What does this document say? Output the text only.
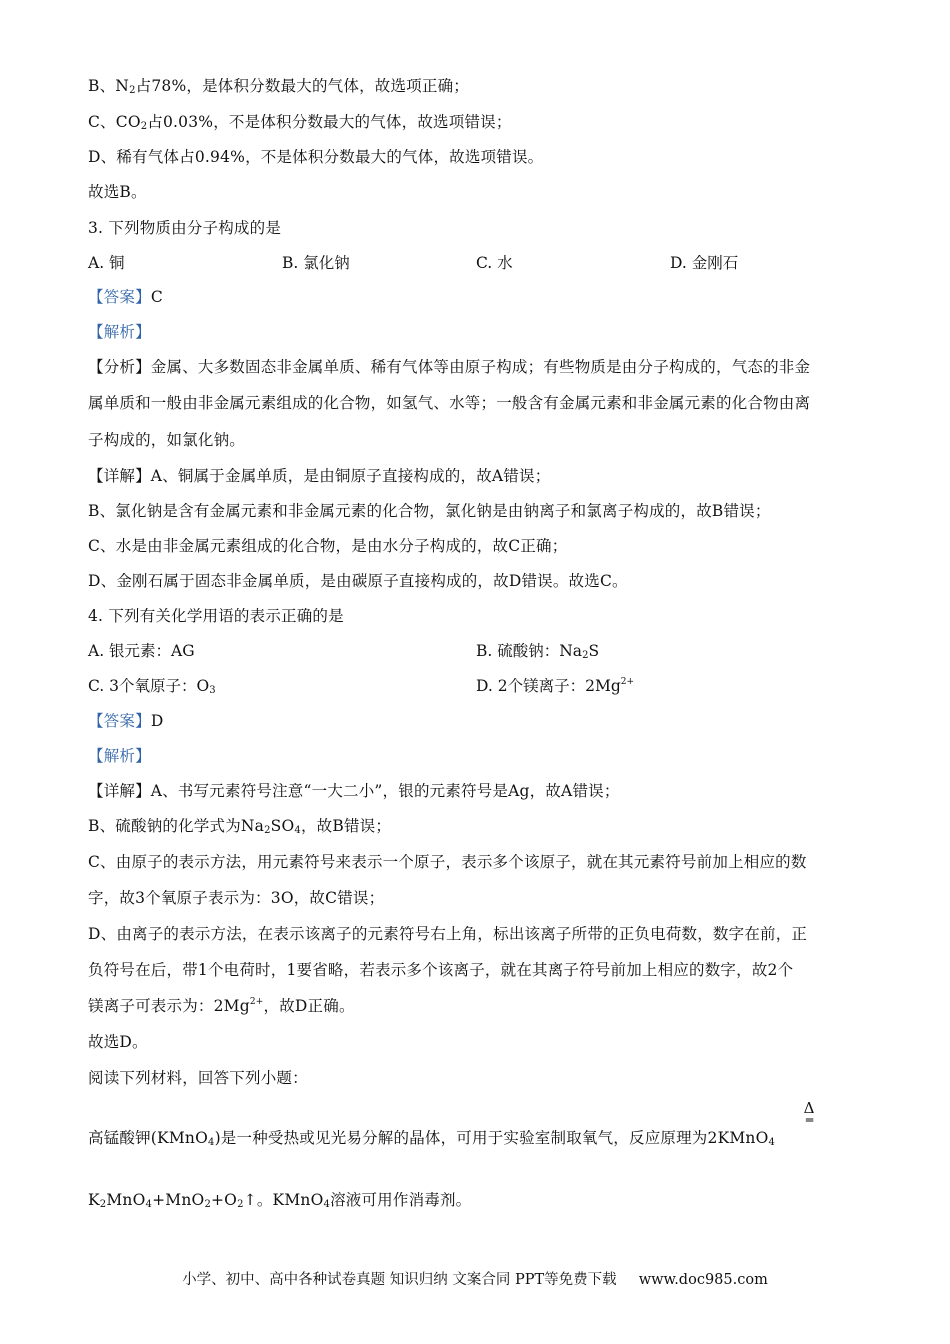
B、$N_2$占78%，是体积分数最大的气体，故选项正确；
C、$CO_2$占0.03%，不是体积分数最大的气体，故选项错误；
D、稀有气体占0.94%，不是体积分数最大的气体，故选项错误。
故选B。
3. 下列物质由分子构成的是
A. 铜	B. 氯化钠	C. 水	D. 金刚石
【答案】C
【解析】
【分析】金属、大多数固态非金属单质、稀有气体等由原子构成；有些物质是由分子构成的，气态的非金
属单质和一般由非金属元素组成的化合物，如氢气、水等；一般含有金属元素和非金属元素的化合物由离
子构成的，如氯化钠。
【详解】A、铜属于金属单质，是由铜原子直接构成的，故A错误；
B、氯化钠是含有金属元素和非金属元素的化合物，氯化钠是由钠离子和氯离子构成的，故B错误；
C、水是由非金属元素组成的化合物，是由水分子构成的，故C正确；
D、金刚石属于固态非金属单质，是由碳原子直接构成的，故D错误。故选C。
4. 下列有关化学用语的表示正确的是
A. 银元素：AG	B. 硫酸钠：$Na_2S$
C. 3个氧原子：$O_3$	D. 2个镁离子：$2Mg^{2+}$
【答案】D
【解析】
【详解】A、书写元素符号注意“一大二小”，银的元素符号是Ag，故A错误；
B、硫酸钠的化学式为$Na_2SO_4$，故B错误；
C、由原子的表示方法，用元素符号来表示一个原子，表示多个该原子，就在其元素符号前加上相应的数
字，故3个氧原子表示为：3O，故C错误；
D、由离子的表示方法，在表示该离子的元素符号右上角，标出该离子所带的正负电荷数，数字在前，正
负符号在后，带1个电荷时，1要省略，若表示多个该离子，就在其离子符号前加上相应的数字，故2个
镁离子可表示为：$2Mg^{2+}$，故D正确。
故选D。
阅读下列材料，回答下列小题：
Δ
═
高锰酸钾(KMnO$_4$)是一种受热或见光易分解的晶体，可用于实验室制取氧气，反应原理为2KMnO$_4$
$K_2MnO_4+MnO_2+O_2↑$。KMnO$_4$溶液可用作消毒剂。
小学、初中、高中各种试卷真题 知识归纳 文案合同 PPT等免费下载 www.doc985.com
